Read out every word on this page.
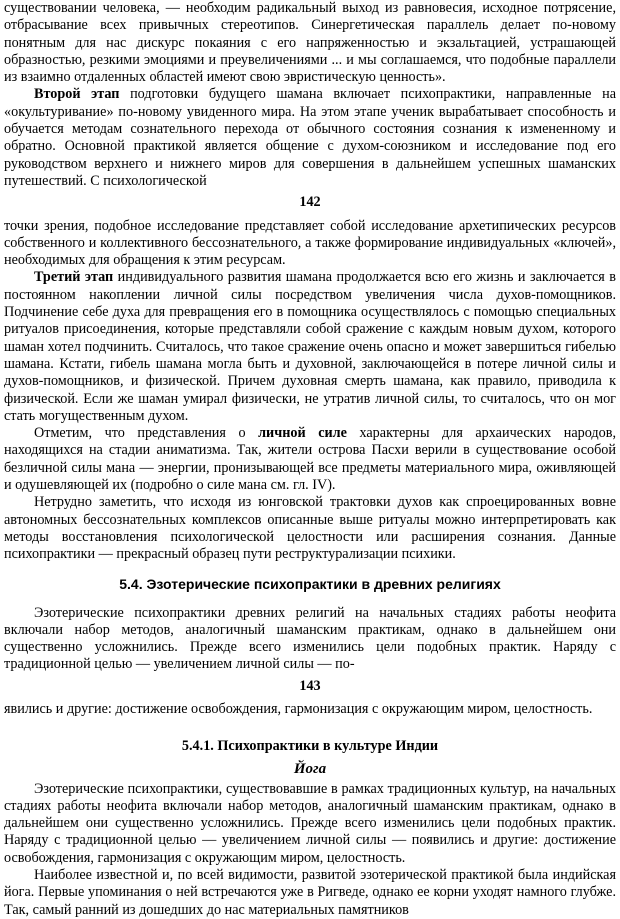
существовании человека, — необходим радикальный выход из равновесия, исходное потрясение, отбрасывание всех привычных стереотипов. Синергетическая параллель делает по-новому понятным для нас дискурс покаяния с его напряженностью и экзальтацией, устрашающей образностью, резкими эмоциями и преувеличениями ... и мы соглашаемся, что подобные параллели из взаимно отдаленных областей имеют свою эвристическую ценность».

Второй этап подготовки будущего шамана включает психопрактики, направленные на «окультуривание» по-новому увиденного мира. На этом этапе ученик вырабатывает способность и обучается методам сознательного перехода от обычного состояния сознания к измененному и обратно. Основной практикой является общение с духом-союзником и исследование под его руководством верхнего и нижнего миров для совершения в дальнейшем успешных шаманских путешествий. С психологической

142

точки зрения, подобное исследование представляет собой исследование архетипических ресурсов собственного и коллективного бессознательного, а также формирование индивидуальных «ключей», необходимых для обращения к этим ресурсам.

Третий этап индивидуального развития шамана продолжается всю его жизнь и заключается в постоянном накоплении личной силы посредством увеличения числа духов-помощников. Подчинение себе духа для превращения его в помощника осуществлялось с помощью специальных ритуалов присоединения, которые представляли собой сражение с каждым новым духом, которого шаман хотел подчинить. Считалось, что такое сражение очень опасно и может завершиться гибелью шамана. Кстати, гибель шамана могла быть и духовной, заключающейся в потере личной силы и духов-помощников, и физической. Причем духовная смерть шамана, как правило, приводила к физической. Если же шаман умирал физически, не утратив личной силы, то считалось, что он мог стать могущественным духом.

Отметим, что представления о личной силе характерны для архаических народов, находящихся на стадии аниматизма. Так, жители острова Пасхи верили в существование особой безличной силы мана — энергии, пронизывающей все предметы материального мира, оживляющей и одушевляющей их (подробно о силе мана см. гл. IV).

Нетрудно заметить, что исходя из юнговской трактовки духов как спроецированных вовне автономных бессознательных комплексов описанные выше ритуалы можно интерпретировать как методы восстановления психологической целостности или расширения сознания. Данные психопрактики — прекрасный образец пути реструктурализации психики.

5.4. Эзотерические психопрактики в древних религиях

Эзотерические психопрактики древних религий на начальных стадиях работы неофита включали набор методов, аналогичный шаманским практикам, однако в дальнейшем они существенно усложнились. Прежде всего изменились цели подобных практик. Наряду с традиционной целью — увеличением личной силы — по-

143

явились и другие: достижение освобождения, гармонизация с окружающим миром, целостность.

5.4.1. Психопрактики в культуре Индии
Йога

Эзотерические психопрактики, существовавшие в рамках традиционных культур, на начальных стадиях работы неофита включали набор методов, аналогичный шаманским практикам, однако в дальнейшем они существенно усложнились. Прежде всего изменились цели подобных практик. Наряду с традиционной целью — увеличением личной силы — появились и другие: достижение освобождения, гармонизация с окружающим миром, целостность.

Наиболее известной и, по всей видимости, развитой эзотерической практикой была индийская йога. Первые упоминания о ней встречаются уже в Ригведе, однако ее корни уходят намного глубже. Так, самый ранний из дошедших до нас материальных памятников
